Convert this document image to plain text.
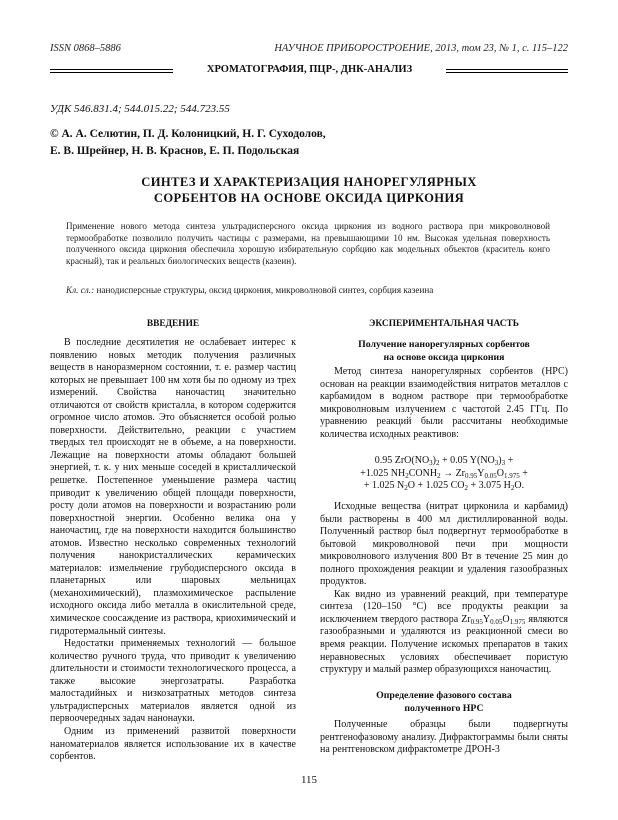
ISSN 0868–5886	НАУЧНОЕ ПРИБОРОСТРОЕНИЕ, 2013, том 23, № 1, с. 115–122
ХРОМАТОГРАФИЯ, ПЦР-, ДНК-АНАЛИЗ
УДК 546.831.4; 544.015.22; 544.723.55
© А. А. Селютин, П. Д. Колоницкий, Н. Г. Суходолов,
Е. В. Шрейнер, Н. В. Краснов, Е. П. Подольская
СИНТЕЗ И ХАРАКТЕРИЗАЦИЯ НАНОРЕГУЛЯРНЫХ
СОРБЕНТОВ НА ОСНОВЕ ОКСИДА ЦИРКОНИЯ
Применение нового метода синтеза ультрадисперсного оксида циркония из водного раствора при микроволновой термообработке позволило получить частицы с размерами, на превышающими 10 нм. Высокая удельная поверхность полученного оксида циркония обеспечила хорошую избирательную сорбцию как модельных объектов (краситель конго красный), так и реальных биологических веществ (казеин).
Кл. сл.: нанодисперсные структуры, оксид циркония, микроволновой синтез, сорбция казеина
ВВЕДЕНИЕ

В последние десятилетия не ослабевает интерес к появлению новых методик получения различных веществ в наноразмерном состоянии, т. е. размер частиц которых не превышает 100 нм хотя бы по одному из трех измерений. Свойства наночастиц значительно отличаются от свойств кристалла, в котором содержится огромное число атомов. Это объясняется особой ролью поверхности. Действительно, реакции с участием твердых тел происходят не в объеме, а на поверхности. Лежащие на поверхности атомы обладают большей энергией, т. к. у них меньше соседей в кристаллической решетке. Постепенное уменьшение размера частиц приводит к увеличению общей площади поверхности, росту доли атомов на поверхности и возрастанию роли поверхностной энергии. Особенно велика она у наночастиц, где на поверхности находится большинство атомов. Известно несколько современных технологий получения нанокристаллических керамических материалов: измельчение грубодисперсного оксида в планетарных или шаровых мельницах (механохимический), плазмохимическое распыление исходного оксида либо металла в окислительной среде, химическое соосаждение из раствора, криохимический и гидротермальный синтезы.

Недостатки применяемых технологий — большое количество ручного труда, что приводит к увеличению длительности и стоимости технологического процесса, а также высокие энергозатраты. Разработка малостадийных и низкозатратных методов синтеза ультрадисперсных материалов является одной из первоочередных задач нанонауки.

Одним из применений развитой поверхности наноматериалов является использование их в качестве сорбентов.

ЭКСПЕРИМЕНТАЛЬНАЯ ЧАСТЬ
Получение нанорегулярных сорбентов
на основе оксида циркония

Метод синтеза нанорегулярных сорбентов (НРС) основан на реакции взаимодействия нитратов металлов с карбамидом в водном растворе при термообработке микроволновым излучением с частотой 2.45 ГГц. По уравнению реакций были рассчитаны необходимые количества исходных реактивов:

0.95 $ZrO(NO_3)_2 + 0.05$ $Y(NO_3)_3$ +
+1.025 $NH_2CONH_2 \to Zr_{0.95}Y_{0.05}O_{1.975}$ +
+ 1.025 $N_2O + 1.025$ $CO_2 + 3.075$ $H_2O$.

Исходные вещества (нитрат цирконила и карбамид) были растворены в 400 мл дистиллированной воды. Полученный раствор был подвергнут термообработке в бытовой микроволновой печи при мощности микроволнового излучения 800 Вт в течение 25 мин до полного прохождения реакции и удаления газообразных продуктов.

Как видно из уравнений реакций, при температуре синтеза (120–150 °С) все продукты реакции за исключением твердого раствора $Zr_{0.95}Y_{0.05}O_{1.975}$ являются газообразными и удаляются из реакционной смеси во время реакции. Получение искомых препаратов в таких неравновесных условиях обеспечивает пористую структуру и малый размер образующихся наночастиц.

Определение фазового состава
полученного НРС

Полученные образцы были подвергнуты рентгенофазовому анализу. Дифрактограммы были сняты на рентгеновском дифрактометре ДРОН-3

115
